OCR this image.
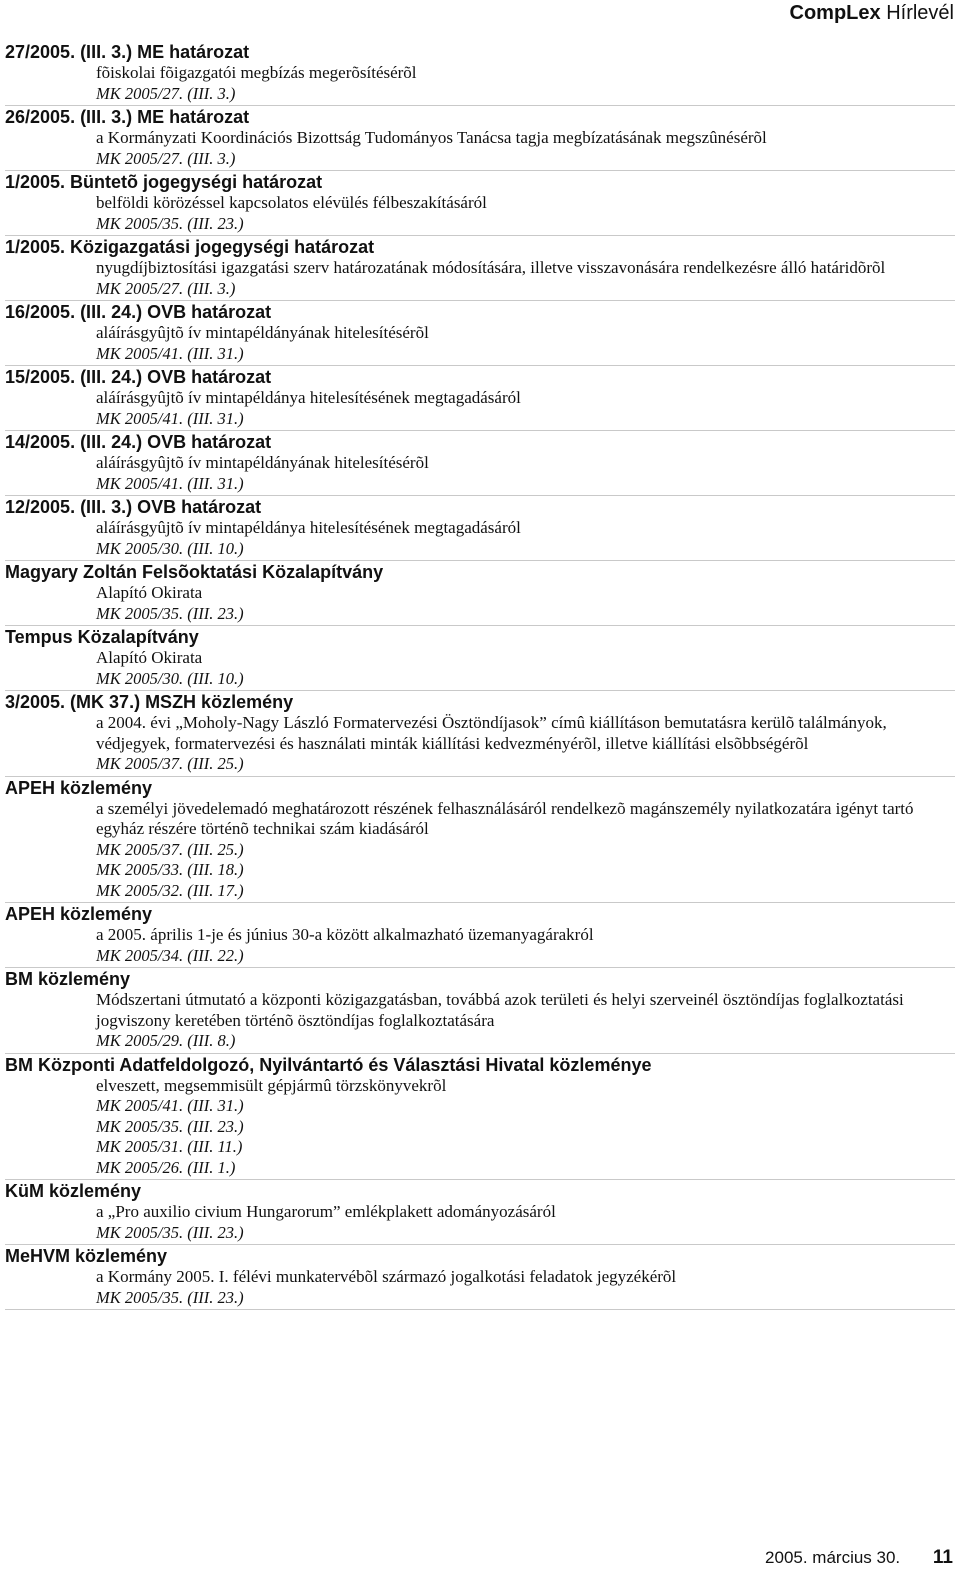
CompLex Hírlevél
27/2005. (III. 3.) ME határozat
fõiskolai fõigazgatói megbízás megerõsítésérõl
MK 2005/27. (III. 3.)
26/2005. (III. 3.) ME határozat
a Kormányzati Koordinációs Bizottság Tudományos Tanácsa tagja megbízatásának megszûnésérõl
MK 2005/27. (III. 3.)
1/2005. Büntetõ jogegységi határozat
belföldi körözéssel kapcsolatos elévülés félbeszakításáról
MK 2005/35. (III. 23.)
1/2005. Közigazgatási jogegységi határozat
nyugdíjbiztosítási igazgatási szerv határozatának módosítására, illetve visszavonására rendelkezésre álló határidõrõl
MK 2005/27. (III. 3.)
16/2005. (III. 24.) OVB határozat
aláírásgyûjtõ ív mintapéldányának hitelesítésérõl
MK 2005/41. (III. 31.)
15/2005. (III. 24.) OVB határozat
aláírásgyûjtõ ív mintapéldánya hitelesítésének megtagadásáról
MK 2005/41. (III. 31.)
14/2005. (III. 24.) OVB határozat
aláírásgyûjtõ ív mintapéldányának hitelesítésérõl
MK 2005/41. (III. 31.)
12/2005. (III. 3.) OVB határozat
aláírásgyûjtõ ív mintapéldánya hitelesítésének megtagadásáról
MK 2005/30. (III. 10.)
Magyary Zoltán Felsõoktatási Közalapítvány
Alapító Okirata
MK 2005/35. (III. 23.)
Tempus Közalapítvány
Alapító Okirata
MK 2005/30. (III. 10.)
3/2005. (MK 37.) MSZH közlemény
a 2004. évi „Moholy-Nagy László Formatervezési Ösztöndíjasok” címû kiállításon bemutatásra kerülõ találmányok, védjegyek, formatervezési és használati minták kiállítási kedvezményérõl, illetve kiállítási elsõbbségérõl
MK 2005/37. (III. 25.)
APEH közlemény
a személyi jövedelemadó meghatározott részének felhasználásáról rendelkezõ magánszemély nyilatkozatára igényt tartó egyház részére történõ technikai szám kiadásáról
MK 2005/37. (III. 25.)
MK 2005/33. (III. 18.)
MK 2005/32. (III. 17.)
APEH közlemény
a 2005. április 1-je és június 30-a között alkalmazható üzemanyagárakról
MK 2005/34. (III. 22.)
BM közlemény
Módszertani útmutató a központi közigazgatásban, továbbá azok területi és helyi szerveinél ösztöndíjas foglalkoztatási jogviszony keretében történõ ösztöndíjas foglalkoztatására
MK 2005/29. (III. 8.)
BM Központi Adatfeldolgozó, Nyilvántartó és Választási Hivatal közleménye
elveszett, megsemmisült gépjármû törzskönyvekrõl
MK 2005/41. (III. 31.)
MK 2005/35. (III. 23.)
MK 2005/31. (III. 11.)
MK 2005/26. (III. 1.)
KüM közlemény
a „Pro auxilio civium Hungarorum” emlékplakett adományozásáról
MK 2005/35. (III. 23.)
MeHVM közlemény
a Kormány 2005. I. félévi munkatervébõl származó jogalkotási feladatok jegyzékérõl
MK 2005/35. (III. 23.)
2005. március 30. 11
